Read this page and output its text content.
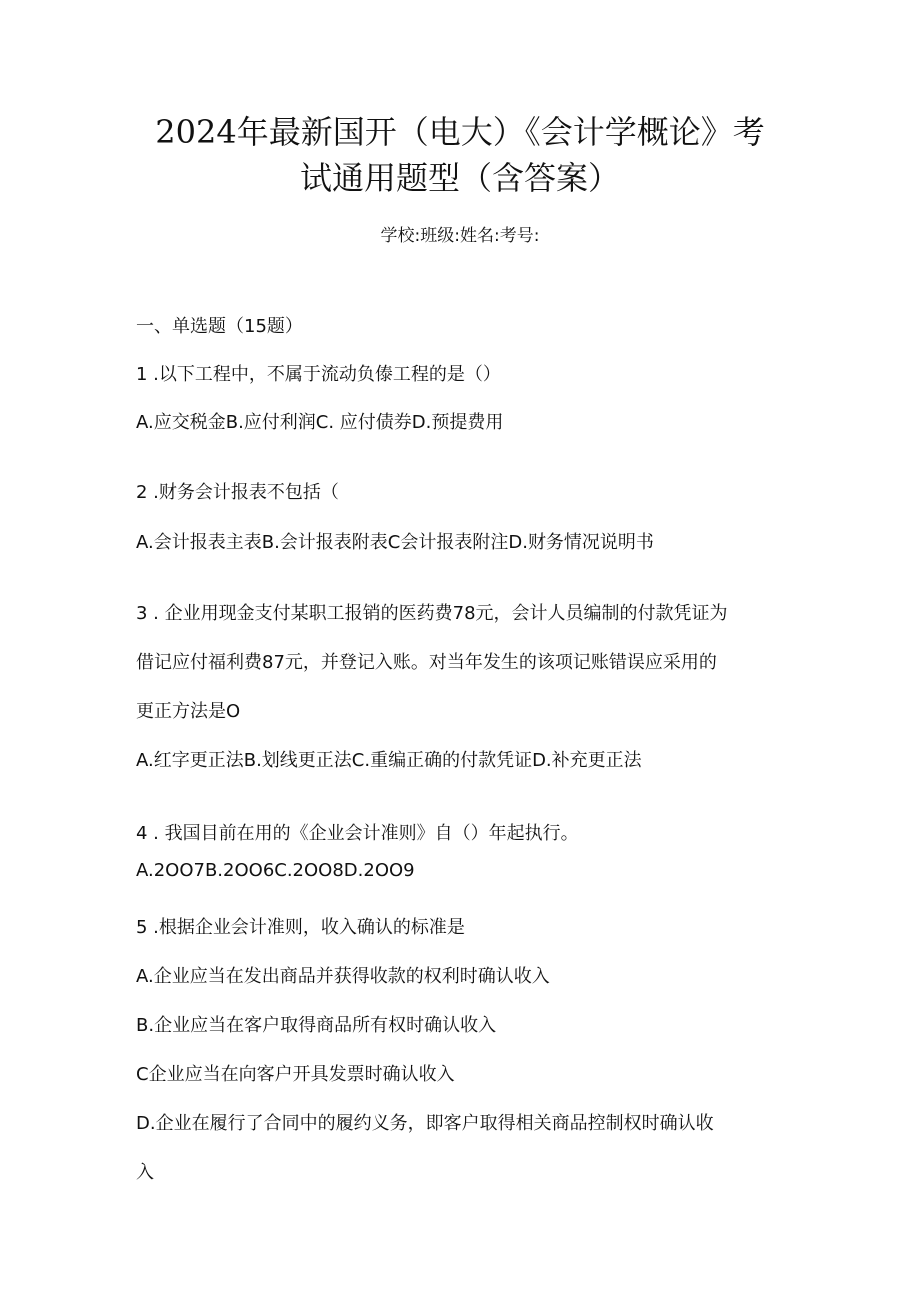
2024年最新国开（电大）《会计学概论》考
试通用题型（含答案）
学校:班级:姓名:考号:
一、单选题（15题）
1 .以下工程中，不属于流动负傣工程的是（）
A.应交税金B.应付利润C. 应付债券D.预提费用
2 .财务会计报表不包括（
A.会计报表主表B.会计报表附表C会计报表附注D.财务情况说明书
3 . 企业用现金支付某职工报销的医药费78元，会计人员编制的付款凭证为
借记应付福利费87元，并登记入账。对当年发生的该项记账错误应采用的
更正方法是O
A.红字更正法B.划线更正法C.重编正确的付款凭证D.补充更正法
4 . 我国目前在用的《企业会计准则》自（）年起执行。
A.2OO7B.2OO6C.2OO8D.2OO9
5 .根据企业会计准则，收入确认的标准是
A.企业应当在发出商品并获得收款的权利时确认收入
B.企业应当在客户取得商品所有权时确认收入
C企业应当在向客户开具发票时确认收入
D.企业在履行了合同中的履约义务，即客户取得相关商品控制权时确认收
入
